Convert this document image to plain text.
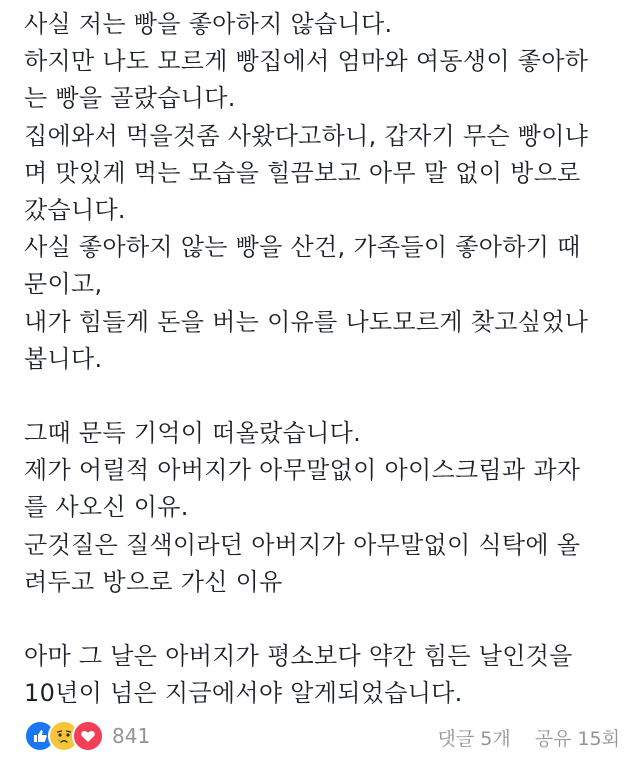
사실 저는 빵을 좋아하지 않습니다.
하지만 나도 모르게 빵집에서 엄마와 여동생이 좋아하
는 빵을 골랐습니다.
집에와서 먹을것좀 사왔다고하니, 갑자기 무슨 빵이냐
며 맛있게 먹는 모습을 힐끔보고 아무 말 없이 방으로
갔습니다.
사실 좋아하지 않는 빵을 산건, 가족들이 좋아하기 때
문이고,
내가 힘들게 돈을 버는 이유를 나도모르게 찾고싶었나
봅니다.
그때 문득 기억이 떠올랐습니다.
제가 어릴적 아버지가 아무말없이 아이스크림과 과자
를 사오신 이유.
군것질은 질색이라던 아버지가 아무말없이 식탁에 올
려두고 방으로 가신 이유
아마 그 날은 아버지가 평소보다 약간 힘든 날인것을
10년이 넘은 지금에서야 알게되었습니다.
841	댓글 5개 공유 15회
